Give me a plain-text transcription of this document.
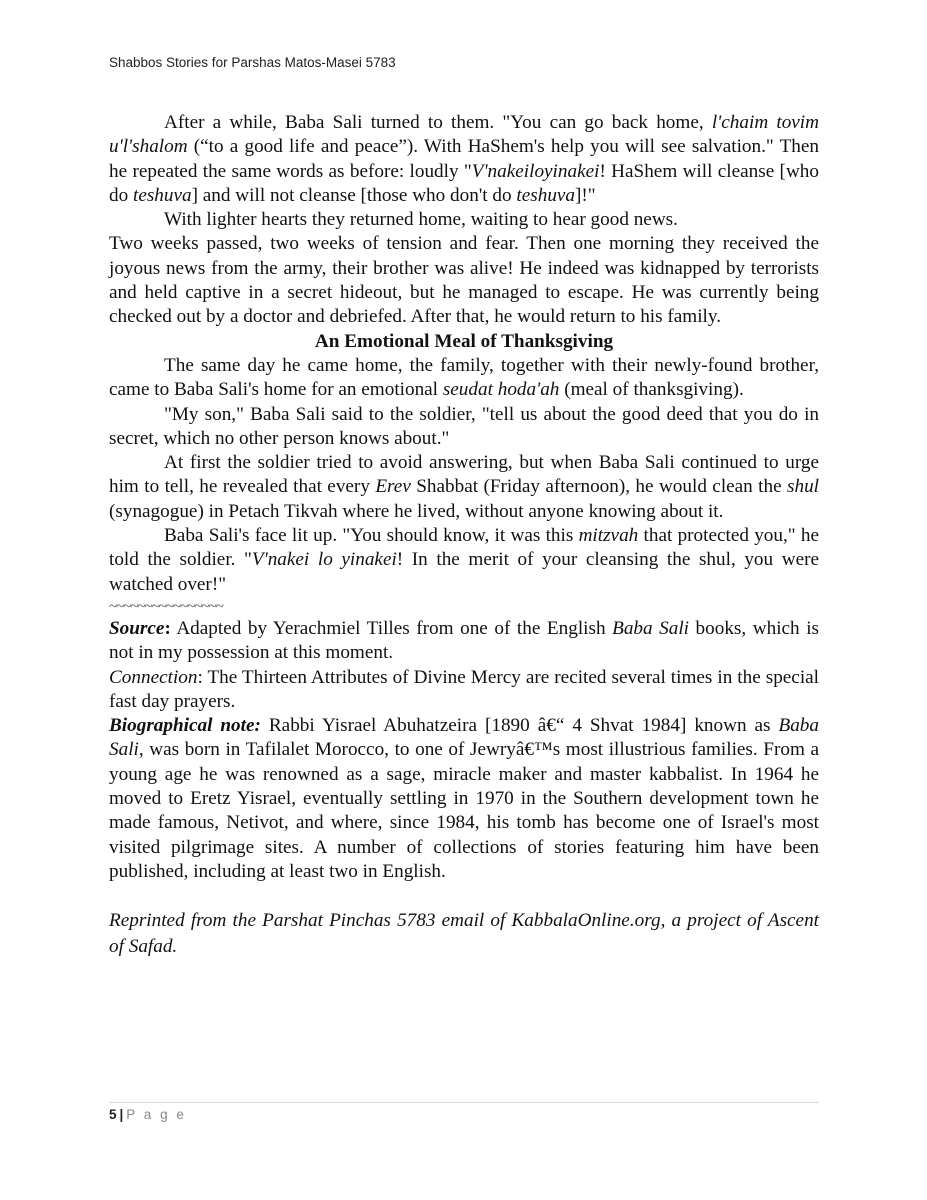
Shabbos Stories for Parshas Matos-Masei 5783

After a while, Baba Sali turned to them. "You can go back home, l'chaim tovim u'l'shalom (“to a good life and peace”). With HaShem's help you will see salvation." Then he repeated the same words as before: loudly "V'nakeiloyinakei! HaShem will cleanse [who do teshuva] and will not cleanse [those who don't do teshuva]!"

With lighter hearts they returned home, waiting to hear good news.

Two weeks passed, two weeks of tension and fear. Then one morning they received the joyous news from the army, their brother was alive! He indeed was kidnapped by terrorists and held captive in a secret hideout, but he managed to escape. He was currently being checked out by a doctor and debriefed. After that, he would return to his family.

An Emotional Meal of Thanksgiving

The same day he came home, the family, together with their newly-found brother, came to Baba Sali's home for an emotional seudat hoda'ah (meal of thanksgiving).

"My son," Baba Sali said to the soldier, "tell us about the good deed that you do in secret, which no other person knows about."

At first the soldier tried to avoid answering, but when Baba Sali continued to urge him to tell, he revealed that every Erev Shabbat (Friday afternoon), he would clean the shul (synagogue) in Petach Tikvah where he lived, without anyone knowing about it.

Baba Sali's face lit up. "You should know, it was this mitzvah that protected you," he told the soldier. "V'nakei lo yinakei! In the merit of your cleansing the shul, you were watched over!"

~~~~~~~~~~~~~~~~

Source: Adapted by Yerachmiel Tilles from one of the English Baba Sali books, which is not in my possession at this moment.

Connection: The Thirteen Attributes of Divine Mercy are recited several times in the special fast day prayers.

Biographical note: Rabbi Yisrael Abuhatzeira [1890 â€“ 4 Shvat 1984] known as Baba Sali, was born in Tafilalet Morocco, to one of Jewryâ€™s most illustrious families. From a young age he was renowned as a sage, miracle maker and master kabbalist. In 1964 he moved to Eretz Yisrael, eventually settling in 1970 in the Southern development town he made famous, Netivot, and where, since 1984, his tomb has become one of Israel's most visited pilgrimage sites. A number of collections of stories featuring him have been published, including at least two in English.

Reprinted from the Parshat Pinchas 5783 email of KabbalaOnline.org, a project of Ascent of Safad.

5 | P a g e
